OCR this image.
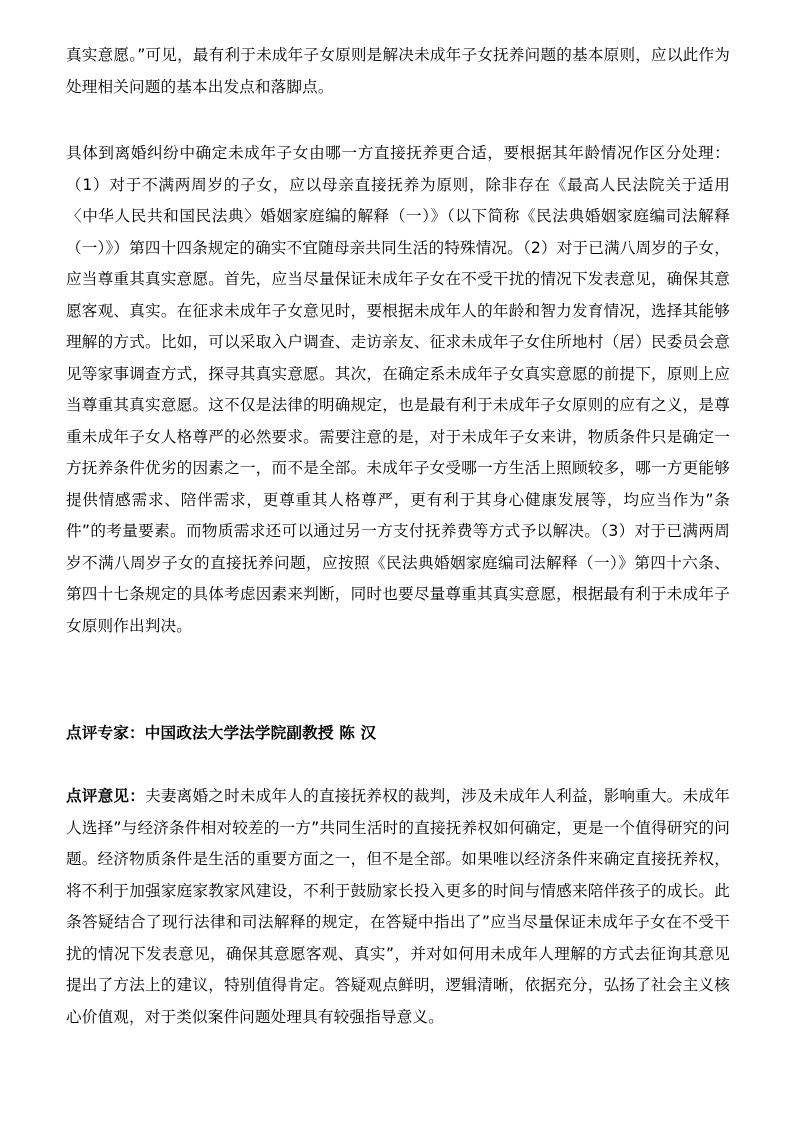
真实意愿。”可见，最有利于未成年子女原则是解决未成年子女抚养问题的基本原则，应以此作为处理相关问题的基本出发点和落脚点。

具体到离婚纠纷中确定未成年子女由哪一方直接抚养更合适，要根据其年龄情况作区分处理：（1）对于不满两周岁的子女，应以母亲直接抚养为原则，除非存在《最高人民法院关于适用〈中华人民共和国民法典〉婚姻家庭编的解释（一）》（以下简称《民法典婚姻家庭编司法解释（一）》）第四十四条规定的确实不宜随母亲共同生活的特殊情况。（2）对于已满八周岁的子女，应当尊重其真实意愿。首先，应当尽量保证未成年子女在不受干扰的情况下发表意见，确保其意愿客观、真实。在征求未成年子女意见时，要根据未成年人的年龄和智力发育情况，选择其能够理解的方式。比如，可以采取入户调查、走访亲友、征求未成年子女住所地村（居）民委员会意见等家事调查方式，探寻其真实意愿。其次，在确定系未成年子女真实意愿的前提下，原则上应当尊重其真实意愿。这不仅是法律的明确规定，也是最有利于未成年子女原则的应有之义，是尊重未成年子女人格尊严的必然要求。需要注意的是，对于未成年子女来讲，物质条件只是确定一方抚养条件优劣的因素之一，而不是全部。未成年子女受哪一方生活上照顾较多，哪一方更能够提供情感需求、陪伴需求，更尊重其人格尊严，更有利于其身心健康发展等，均应当作为”条件”的考量要素。而物质需求还可以通过另一方支付抚养费等方式予以解决。（3）对于已满两周岁不满八周岁子女的直接抚养问题，应按照《民法典婚姻家庭编司法解释（一）》第四十六条、第四十七条规定的具体考虑因素来判断，同时也要尽量尊重其真实意愿，根据最有利于未成年子女原则作出判决。

点评专家：中国政法大学法学院副教授 陈 汉

点评意见：夫妻离婚之时未成年人的直接抚养权的裁判，涉及未成年人利益，影响重大。未成年人选择”与经济条件相对较差的一方”共同生活时的直接抚养权如何确定，更是一个值得研究的问题。经济物质条件是生活的重要方面之一，但不是全部。如果唯以经济条件来确定直接抚养权，将不利于加强家庭家教家风建设，不利于鼓励家长投入更多的时间与情感来陪伴孩子的成长。此条答疑结合了现行法律和司法解释的规定，在答疑中指出了”应当尽量保证未成年子女在不受干扰的情况下发表意见，确保其意愿客观、真实”，并对如何用未成年人理解的方式去征询其意见提出了方法上的建议，特别值得肯定。答疑观点鲜明，逻辑清晰，依据充分，弘扬了社会主义核心价值观，对于类似案件问题处理具有较强指导意义。
